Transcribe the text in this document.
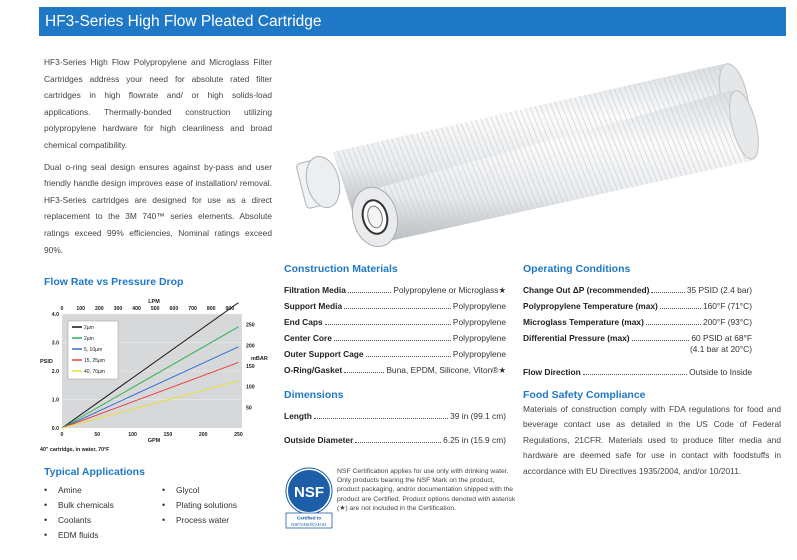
HF3-Series High Flow Pleated Cartridge

HF3-Series High Flow Polypropylene and Microglass Filter Cartridges address your need for absolute rated filter cartridges in high flowrate and/ or high solids-load applications. Thermally-bonded construction utilizing polypropylene hardware for high cleanliness and broad chemical compatibility.

Dual o-ring seal design ensures against by-pass and user friendly handle design improves ease of installation/ removal. HF3-Series cartridges are designed for use as a direct replacement to the 3M 740™ series elements. Absolute ratings exceed 99% efficiencies, Nominal ratings exceed 90%.

Flow Rate vs Pressure Drop
0	50	100	150	200	250
0 100 200 300 400 500 600 700 800 900
0.0
1.0
2.0
3.0
4.0
50
100
150
200
250
2µm
2µm
5, 10µm
15, 25µm
40, 70µm
LPM
GPM
PSID	mBAR
40" cartridge, in water, 70°F
Typical Applications
• Amine
• Bulk chemicals
• Coolants
• EDM fluids
• Glycol
• Plating solutions
• Process water
Construction Materials
Filtration Media	Polypropylene or Microglass★
Support Media	Polypropylene
End Caps	Polypropylene
Center Core	Polypropylene
Outer Support Cage	Polypropylene
O-Ring/Gasket	Buna, EPDM, Silicone, Viton®★
Dimensions
Length	39 in (99.1 cm)
Outside Diameter	6.25 in (15.9 cm)
Operating Conditions
Change Out ΔP (recommended)	35 PSID (2.4 bar)
Polypropylene Temperature (max)	160°F (71°C)
Microglass Temperature (max)	200°F (93°C)
Differential Pressure (max)	60 PSID at 68°F
(4.1 bar at 20°C)
Flow Direction	Outside to Inside
Food Safety Compliance
Materials of construction comply with FDA regulations for food and beverage contact use as detailed in the US Code of Federal Regulations, 21CFR. Materials used to produce filter media and hardware are deemed safe for use in contact with foodstuffs in accordance with EU Directives 1935/2004, and/or 10/2011.
NSF
Certified to
NSF/ANSI/CAN 61
NSF Certification applies for use only with drinking water. Only products bearing the NSF Mark on the product, product packaging, and/or documentation shipped with the product are Certified. Product options denoted with asterisk (★) are not included in the Certification.
